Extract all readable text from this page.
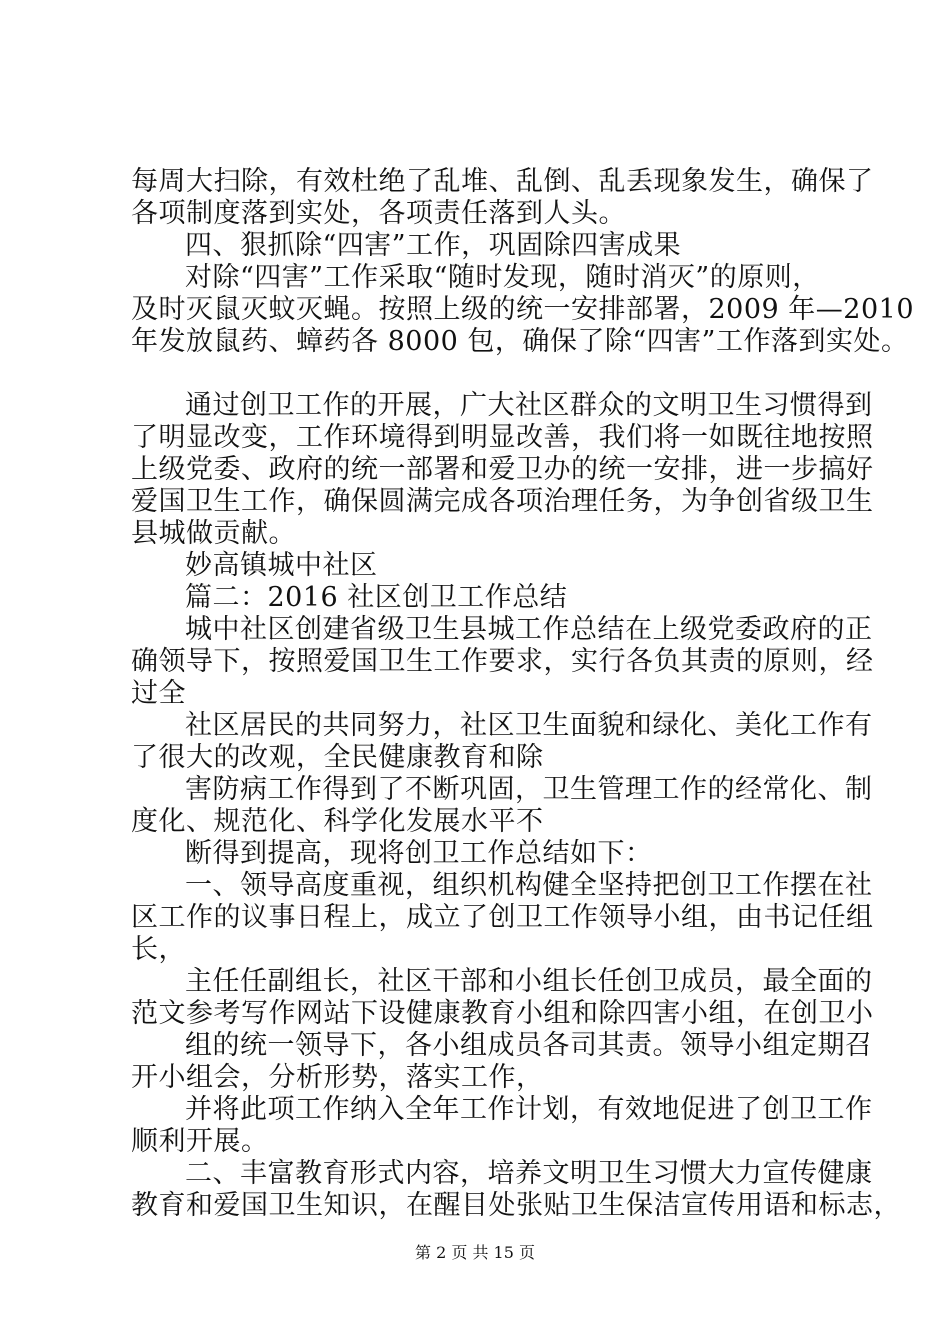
每周大扫除，有效杜绝了乱堆、乱倒、乱丢现象发生，确保了
各项制度落到实处，各项责任落到人头。
四、狠抓除“四害”工作，巩固除四害成果
对除“四害”工作采取“随时发现，随时消灭”的原则，
及时灭鼠灭蚊灭蝇。按照上级的统一安排部署，2009 年—2010
年发放鼠药、蟑药各 8000 包，确保了除“四害”工作落到实处。
通过创卫工作的开展，广大社区群众的文明卫生习惯得到
了明显改变，工作环境得到明显改善，我们将一如既往地按照
上级党委、政府的统一部署和爱卫办的统一安排，进一步搞好
爱国卫生工作，确保圆满完成各项治理任务，为争创省级卫生
县城做贡献。
妙高镇城中社区
篇二：2016 社区创卫工作总结
城中社区创建省级卫生县城工作总结在上级党委政府的正
确领导下，按照爱国卫生工作要求，实行各负其责的原则，经
过全
社区居民的共同努力，社区卫生面貌和绿化、美化工作有
了很大的改观，全民健康教育和除
害防病工作得到了不断巩固，卫生管理工作的经常化、制
度化、规范化、科学化发展水平不
断得到提高，现将创卫工作总结如下：
一、领导高度重视，组织机构健全坚持把创卫工作摆在社
区工作的议事日程上，成立了创卫工作领导小组，由书记任组
长，
主任任副组长，社区干部和小组长任创卫成员，最全面的
范文参考写作网站下设健康教育小组和除四害小组，在创卫小
组的统一领导下，各小组成员各司其责。领导小组定期召
开小组会，分析形势，落实工作，
并将此项工作纳入全年工作计划，有效地促进了创卫工作
顺利开展。
二、丰富教育形式内容，培养文明卫生习惯大力宣传健康
教育和爱国卫生知识，在醒目处张贴卫生保洁宣传用语和标志，
第 2 页 共 15 页
